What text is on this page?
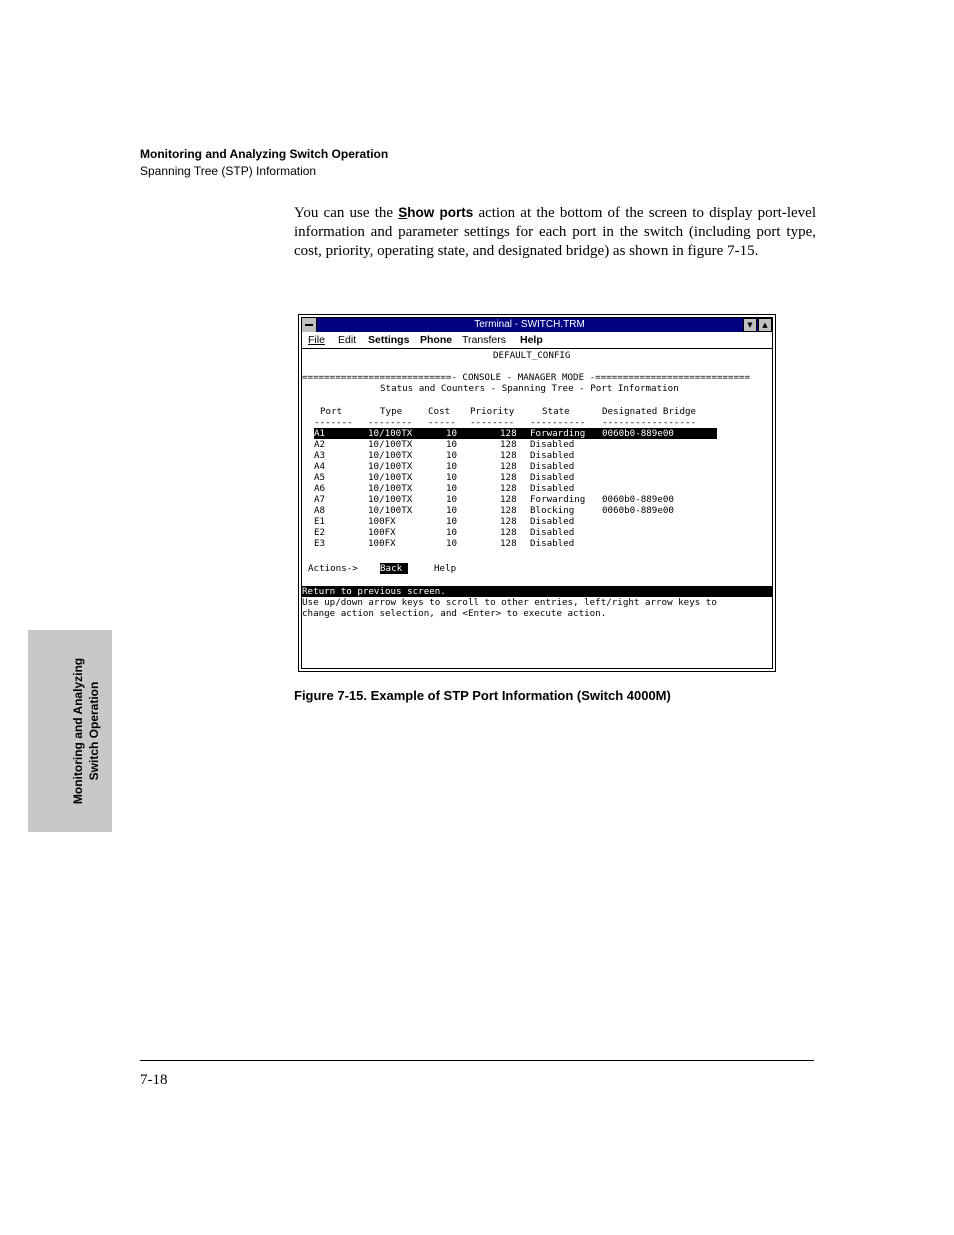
Monitoring and Analyzing Switch Operation
Spanning Tree (STP) Information
You can use the Show ports action at the bottom of the screen to display port-level information and parameter settings for each port in the switch (including port type, cost, priority, operating state, and designated bridge) as shown in figure 7-15.
Terminal - SWITCH.TRM	▼	▲
File Edit Settings Phone Transfers Help
DEFAULT_CONFIG
===========================- CONSOLE - MANAGER MODE -============================
Status and Counters - Spanning Tree - Port Information
Port	Type	Cost Priority	State	Designated Bridge
------- -------- ----- -------- ---------- -----------------
A1	10/100TX	10	128 Forwarding 0060b0-889e00
A2	10/100TX	10	128 Disabled
A3	10/100TX	10	128 Disabled
A4	10/100TX	10	128 Disabled
A5	10/100TX	10	128 Disabled
A6	10/100TX	10	128 Disabled
A7	10/100TX	10	128 Forwarding 0060b0-889e00
A8	10/100TX	10	128 Blocking	0060b0-889e00
E1	100FX	10	128 Disabled
E2	100FX	10	128 Disabled
E3	100FX	10	128 Disabled
Actions-> Back	Help
Return to previous screen.
Use up/down arrow keys to scroll to other entries, left/right arrow keys to
change action selection, and <Enter> to execute action.
Figure 7-15. Example of STP Port Information (Switch 4000M)
Monitoring and Analyzing Switch Operation
7-18
